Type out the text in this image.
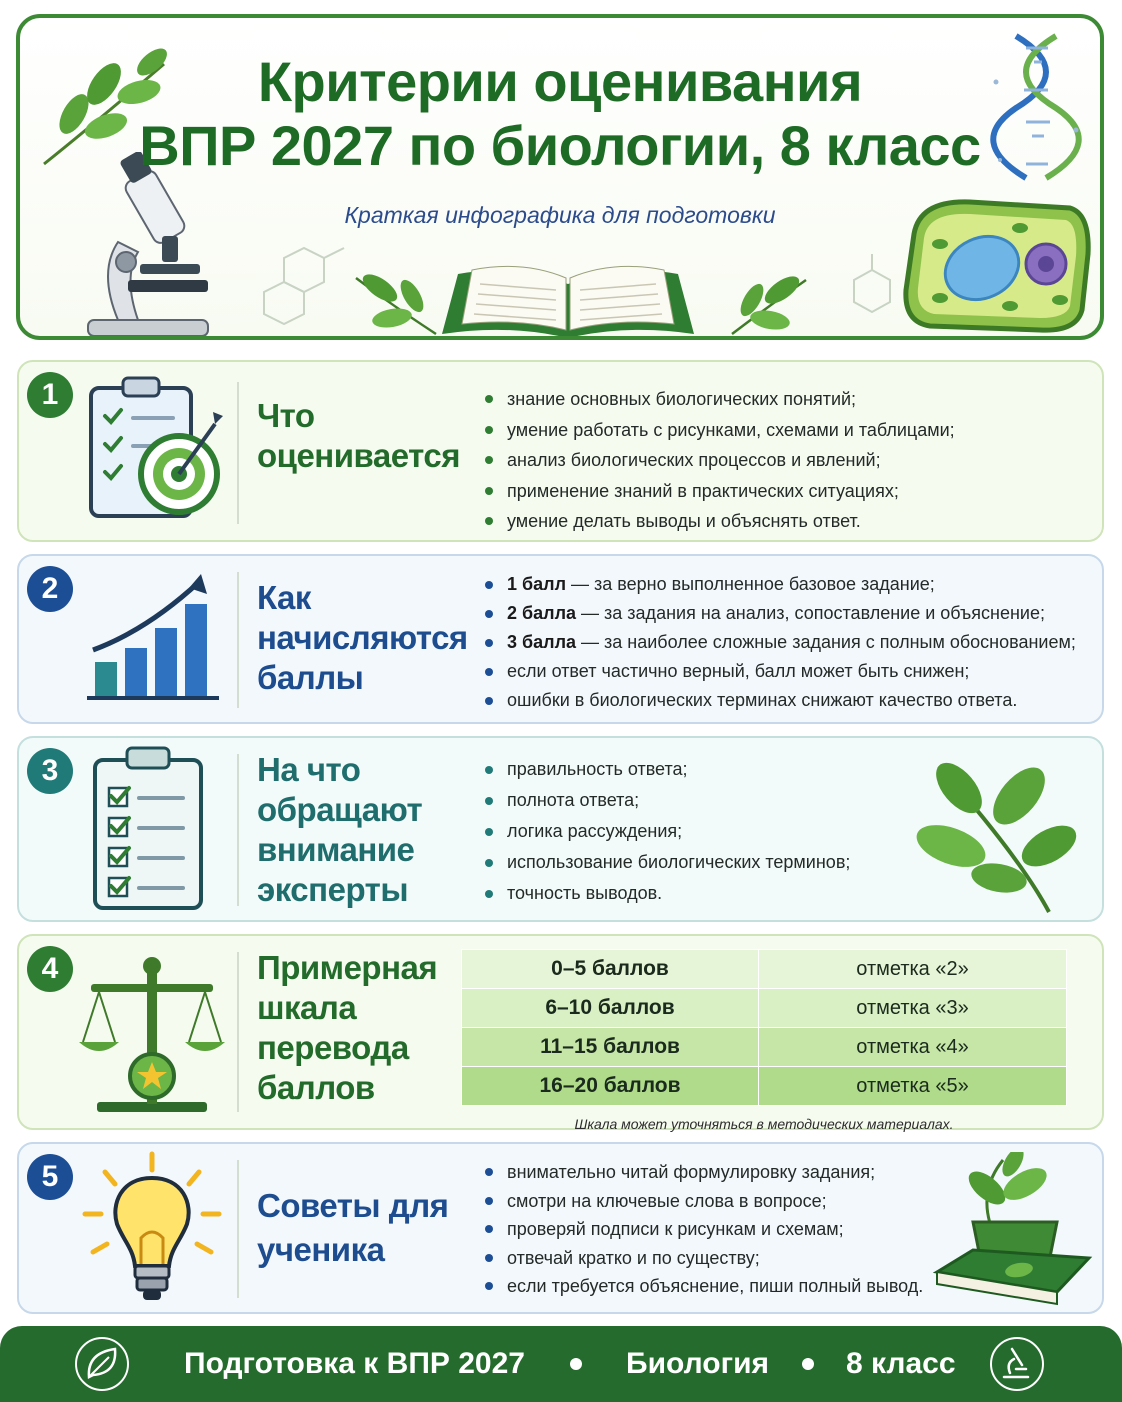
Критерии оценивания
ВПР 2027 по биологии, 8 класс
Краткая инфографика для подготовки
1
Что
оценивается
знание основных биологических понятий;
умение работать с рисунками, схемами и таблицами;
анализ биологических процессов и явлений;
применение знаний в практических ситуациях;
умение делать выводы и объяснять ответ.
2	Как
начисляются
баллы
1 балл — за верно выполненное базовое задание;
2 балла — за задания на анализ, сопоставление и объяснение;
3 балла — за наиболее сложные задания с полным обоснованием;
если ответ частично верный, балл может быть снижен;
ошибки в биологических терминах снижают качество ответа.
3	На что
обращают
внимание
эксперты
правильность ответа;
полнота ответа;
логика рассуждения;
использование биологических терминов;
точность выводов.
4	Примерная
шкала
перевода
баллов
0–5 баллов	отметка «2»
6–10 баллов	отметка «3»
11–15 баллов	отметка «4»
16–20 баллов	отметка «5»
Шкала может уточняться в методических материалах.
5
Советы для
ученика
внимательно читай формулировку задания;
смотри на ключевые слова в вопросе;
проверяй подписи к рисункам и схемам;
отвечай кратко и по существу;
если требуется объяснение, пиши полный вывод.
Подготовка к ВПР 2027	Биология	8 класс
